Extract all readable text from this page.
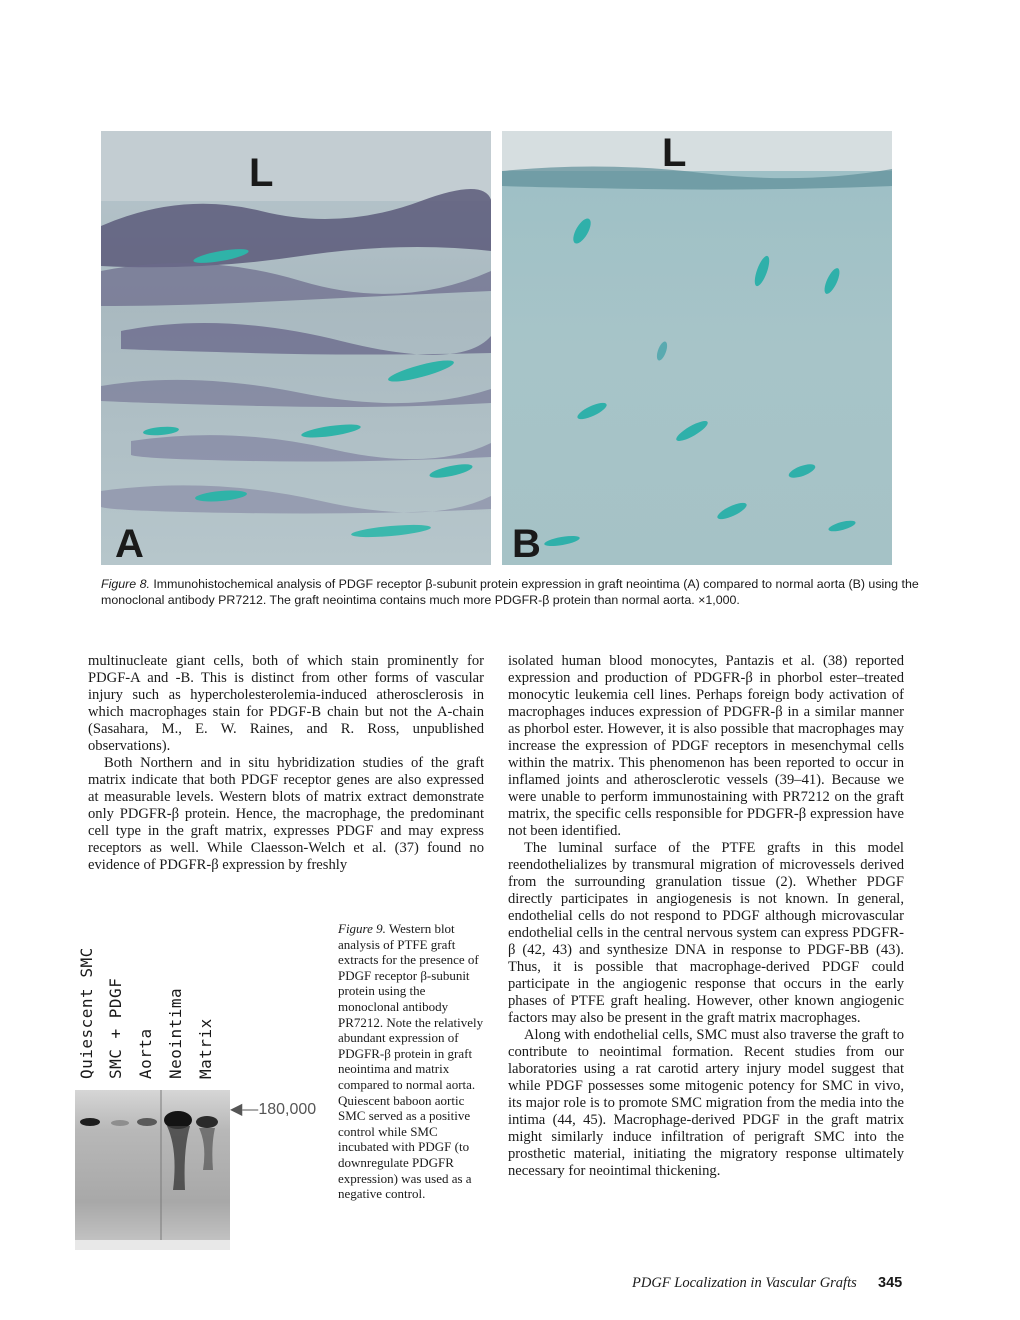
L
A
L
B
Figure 8. Immunohistochemical analysis of PDGF receptor β-subunit protein expression in graft neointima (A) compared to normal aorta (B) using the monoclonal antibody PR7212. The graft neointima contains much more PDGFR-β protein than normal aorta. ×1,000.

multinucleate giant cells, both of which stain prominently for PDGF-A and -B. This is distinct from other forms of vascular injury such as hypercholesterolemia-induced atherosclerosis in which macrophages stain for PDGF-B chain but not the A-chain (Sasahara, M., E. W. Raines, and R. Ross, unpublished observations).

Both Northern and in situ hybridization studies of the graft matrix indicate that both PDGF receptor genes are also expressed at measurable levels. Western blots of matrix extract demonstrate only PDGFR-β protein. Hence, the macrophage, the predominant cell type in the graft matrix, expresses PDGF and may express receptors as well. While Claesson-Welch et al. (37) found no evidence of PDGFR-β expression by freshly

isolated human blood monocytes, Pantazis et al. (38) reported expression and production of PDGFR-β in phorbol ester–treated monocytic leukemia cell lines. Perhaps foreign body activation of macrophages induces expression of PDGFR-β in a similar manner as phorbol ester. However, it is also possible that macrophages may increase the expression of PDGF receptors in mesenchymal cells within the matrix. This phenomenon has been reported to occur in inflamed joints and atherosclerotic vessels (39–41). Because we were unable to perform immunostaining with PR7212 on the graft matrix, the specific cells responsible for PDGFR-β expression have not been identified.

The luminal surface of the PTFE grafts in this model reendothelializes by transmural migration of microvessels derived from the surrounding granulation tissue (2). Whether PDGF directly participates in angiogenesis is not known. In general, endothelial cells do not respond to PDGF although microvascular endothelial cells in the central nervous system can express PDGFR-β (42, 43) and synthesize DNA in response to PDGF-BB (43). Thus, it is possible that macrophage-derived PDGF could participate in the angiogenic response that occurs in the early phases of PTFE graft healing. However, other known angiogenic factors may also be present in the graft matrix macrophages.

Along with endothelial cells, SMC must also traverse the graft to contribute to neointimal formation. Recent studies from our laboratories using a rat carotid artery injury model suggest that while PDGF possesses some mitogenic potency for SMC in vivo, its major role is to promote SMC migration from the media into the intima (44, 45). Macrophage-derived PDGF in the graft matrix might similarly induce infiltration of perigraft SMC into the prosthetic material, initiating the migratory response ultimately necessary for neointimal thickening.

Quiescent SMC SMC + PDGF Aorta Neointima Matrix
◀—180,000
Figure 9. Western blot analysis of PTFE graft extracts for the presence of PDGF receptor β-subunit protein using the monoclonal antibody PR7212. Note the relatively abundant expression of PDGFR-β protein in graft neointima and matrix compared to normal aorta. Quiescent baboon aortic SMC served as a positive control while SMC incubated with PDGF (to downregulate PDGFR expression) was used as a negative control.
PDGF Localization in Vascular Grafts 345
